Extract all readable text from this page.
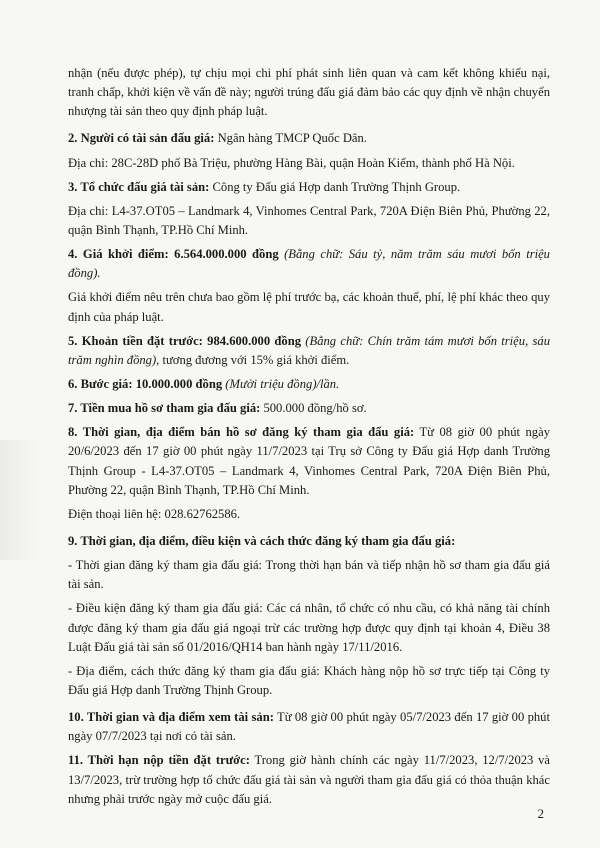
nhận (nếu được phép), tự chịu mọi chi phí phát sinh liên quan và cam kết không khiếu nại, tranh chấp, khởi kiện về vấn đề này; người trúng đấu giá đảm bảo các quy định về nhận chuyển nhượng tài sản theo quy định pháp luật.

2. Người có tài sản đấu giá: Ngân hàng TMCP Quốc Dân.

Địa chỉ: 28C-28D phố Bà Triệu, phường Hàng Bài, quận Hoàn Kiếm, thành phố Hà Nội.

3. Tổ chức đấu giá tài sản: Công ty Đấu giá Hợp danh Trường Thịnh Group.

Địa chỉ: L4-37.OT05 – Landmark 4, Vinhomes Central Park, 720A Điện Biên Phủ, Phường 22, quận Bình Thạnh, TP.Hồ Chí Minh.

4. Giá khởi điểm: 6.564.000.000 đồng (Bằng chữ: Sáu tỷ, năm trăm sáu mươi bốn triệu đồng).

Giá khởi điểm nêu trên chưa bao gồm lệ phí trước bạ, các khoản thuế, phí, lệ phí khác theo quy định của pháp luật.

5. Khoản tiền đặt trước: 984.600.000 đồng (Bằng chữ: Chín trăm tám mươi bốn triệu, sáu trăm nghìn đồng), tương đương với 15% giá khởi điểm.

6. Bước giá: 10.000.000 đồng (Mười triệu đồng)/lần.

7. Tiền mua hồ sơ tham gia đấu giá: 500.000 đồng/hồ sơ.

8. Thời gian, địa điểm bán hồ sơ đăng ký tham gia đấu giá: Từ 08 giờ 00 phút ngày 20/6/2023 đến 17 giờ 00 phút ngày 11/7/2023 tại Trụ sở Công ty Đấu giá Hợp danh Trường Thịnh Group - L4-37.OT05 – Landmark 4, Vinhomes Central Park, 720A Điện Biên Phủ, Phường 22, quận Bình Thạnh, TP.Hồ Chí Minh.

Điện thoại liên hệ: 028.62762586.

9. Thời gian, địa điểm, điều kiện và cách thức đăng ký tham gia đấu giá:

- Thời gian đăng ký tham gia đấu giá: Trong thời hạn bán và tiếp nhận hồ sơ tham gia đấu giá tài sản.

- Điều kiện đăng ký tham gia đấu giá: Các cá nhân, tổ chức có nhu cầu, có khả năng tài chính được đăng ký tham gia đấu giá ngoại trừ các trường hợp được quy định tại khoản 4, Điều 38 Luật Đấu giá tài sản số 01/2016/QH14 ban hành ngày 17/11/2016.

- Địa điểm, cách thức đăng ký tham gia đấu giá: Khách hàng nộp hồ sơ trực tiếp tại Công ty Đấu giá Hợp danh Trường Thịnh Group.

10. Thời gian và địa điểm xem tài sản: Từ 08 giờ 00 phút ngày 05/7/2023 đến 17 giờ 00 phút ngày 07/7/2023 tại nơi có tài sản.

11. Thời hạn nộp tiền đặt trước: Trong giờ hành chính các ngày 11/7/2023, 12/7/2023 và 13/7/2023, trừ trường hợp tổ chức đấu giá tài sản và người tham gia đấu giá có thỏa thuận khác nhưng phải trước ngày mở cuộc đấu giá.

2
